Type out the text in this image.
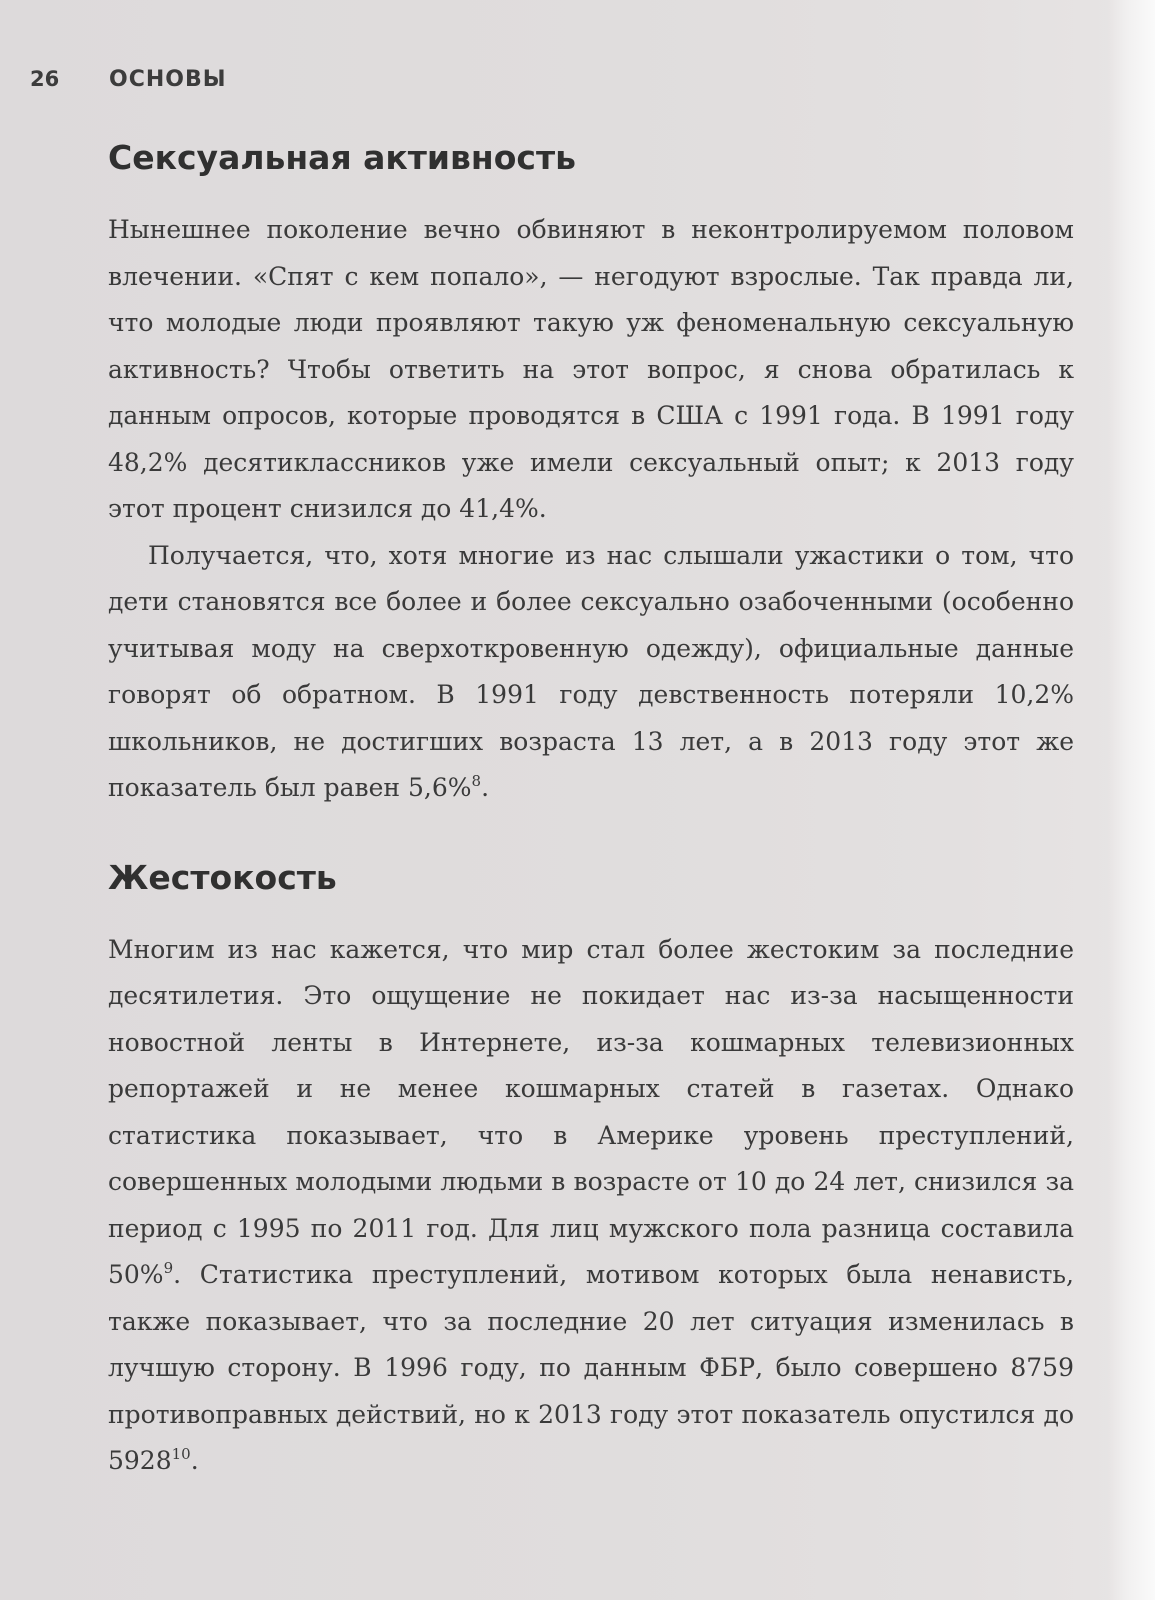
26	ОСНОВЫ
Сексуальная активность

Нынешнее поколение вечно обвиняют в неконтролируемом половом влечении. «Спят с кем попало», — негодуют взрослые. Так правда ли, что молодые люди проявляют такую уж феноменальную сексуальную активность? Чтобы ответить на этот вопрос, я снова обратилась к данным опросов, которые проводятся в США с 1991 года. В 1991 году 48,2% десятиклассников уже имели сексуальный опыт; к 2013 году этот процент снизился до 41,4%.

Получается, что, хотя многие из нас слышали ужастики о том, что дети становятся все более и более сексуально озабоченными (особенно учитывая моду на сверхоткровенную одежду), официальные данные говорят об обратном. В 1991 году девственность потеряли 10,2% школьников, не достигших возраста 13 лет, а в 2013 году этот же показатель был равен 5,6%$^8$.

Жестокость

Многим из нас кажется, что мир стал более жестоким за последние десятилетия. Это ощущение не покидает нас из-за насыщенности новостной ленты в Интернете, из-за кошмарных телевизионных репортажей и не менее кошмарных статей в газетах. Однако статистика показывает, что в Америке уровень преступлений, совершенных молодыми людьми в возрасте от 10 до 24 лет, снизился за период с 1995 по 2011 год. Для лиц мужского пола разница составила 50%$^9$. Статистика преступлений, мотивом которых была ненависть, также показывает, что за последние 20 лет ситуация изменилась в лучшую сторону. В 1996 году, по данным ФБР, было совершено 8759 противоправных действий, но к 2013 году этот показатель опустился до 5928$^{10}$.
